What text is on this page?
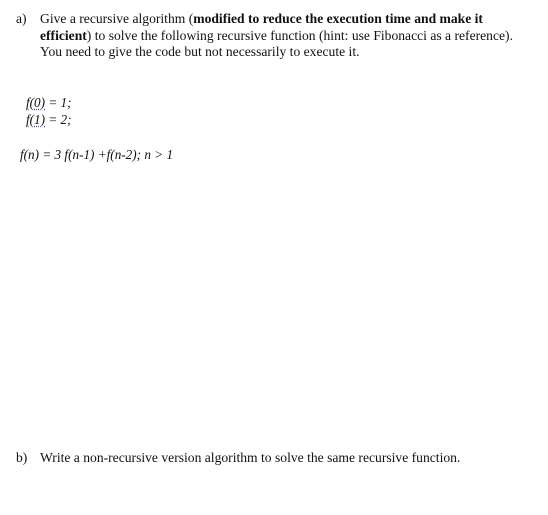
a) Give a recursive algorithm (modified to reduce the execution time and make it efficient) to solve the following recursive function (hint: use Fibonacci as a reference). You need to give the code but not necessarily to execute it.
f(0) = 1;
f(1) = 2;
f(n) = 3 f(n-1) +f(n-2); n > 1
b) Write a non-recursive version algorithm to solve the same recursive function.
